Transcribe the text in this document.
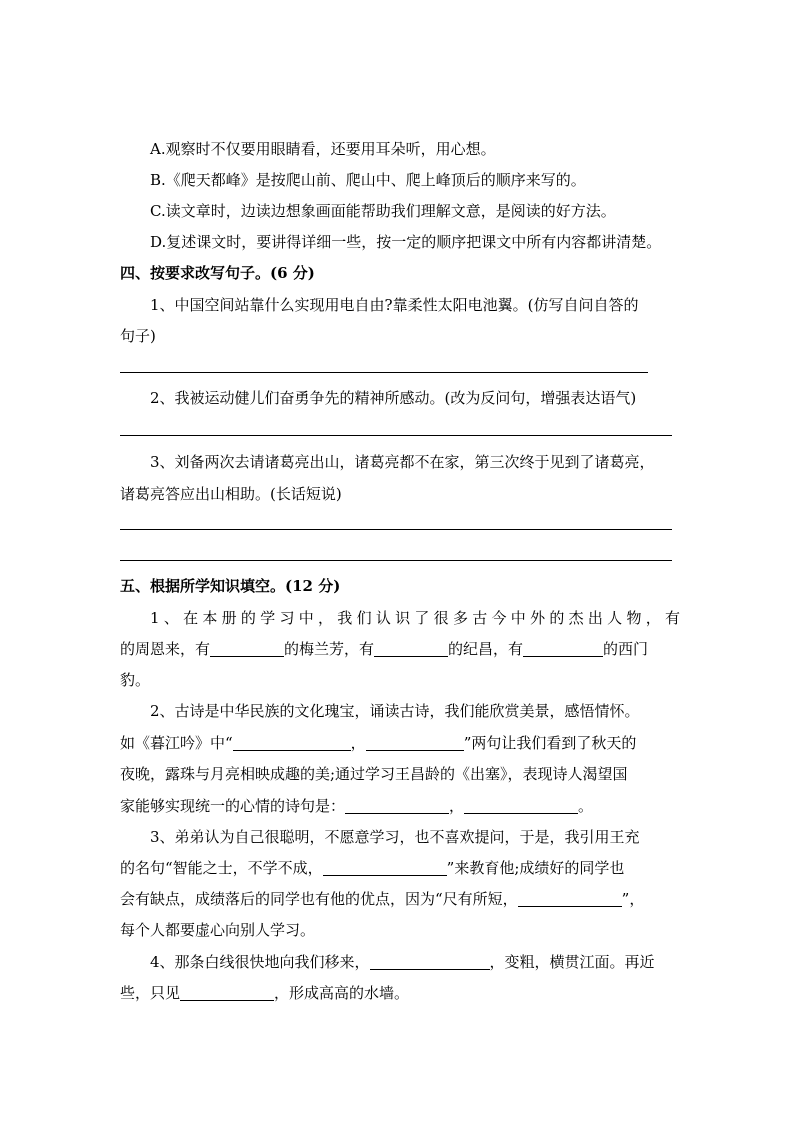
A.观察时不仅要用眼睛看，还要用耳朵听，用心想。
B.《爬天都峰》是按爬山前、爬山中、爬上峰顶后的顺序来写的。
C.读文章时，边读边想象画面能帮助我们理解文意，是阅读的好方法。
D.复述课文时，要讲得详细一些，按一定的顺序把课文中所有内容都讲清楚。
四、按要求改写句子。(6 分)
1、中国空间站靠什么实现用电自由?靠柔性太阳电池翼。(仿写自问自答的
句子)
2、我被运动健儿们奋勇争先的精神所感动。(改为反问句，增强表达语气)
3、刘备两次去请诸葛亮出山，诸葛亮都不在家，第三次终于见到了诸葛亮，
诸葛亮答应出山相助。(长话短说)
五、根据所学知识填空。(12 分)
1、在本册的学习中，我们认识了很多古今中外的杰出人物，有
的周恩来，有	的梅兰芳，有	的纪昌，有	的西门
豹。
2、古诗是中华民族的文化瑰宝，诵读古诗，我们能欣赏美景，感悟情怀。
如《暮江吟》中“	，	”两句让我们看到了秋天的
夜晚，露珠与月亮相映成趣的美;通过学习王昌龄的《出塞》，表现诗人渴望国
家能够实现统一的心情的诗句是：	，	。
3、弟弟认为自己很聪明，不愿意学习，也不喜欢提问，于是，我引用王充
的名句“智能之士，不学不成，	”来教育他;成绩好的同学也
会有缺点，成绩落后的同学也有他的优点，因为“尺有所短，	”，
每个人都要虚心向别人学习。
4、那条白线很快地向我们移来，	，变粗，横贯江面。再近
些，只见	，形成高高的水墙。
